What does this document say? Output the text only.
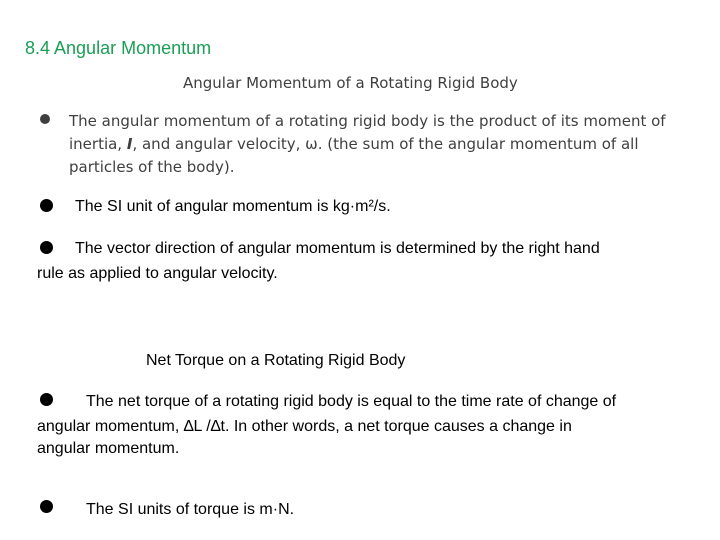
8.4 Angular Momentum
Angular Momentum of a Rotating Rigid Body
The angular momentum of a rotating rigid body is the product of its moment of inertia, I, and angular velocity, ω. (the sum of the angular momentum of all particles of the body).
The SI unit of angular momentum is kg·m²/s.
The vector direction of angular momentum is determined by the right hand
rule as applied to angular velocity.
Net Torque on a Rotating Rigid Body
The net torque of a rotating rigid body is equal to the time rate of change of
angular momentum, ∆L /∆t. In other words, a net torque causes a change in
angular momentum.
The SI units of torque is m·N.
